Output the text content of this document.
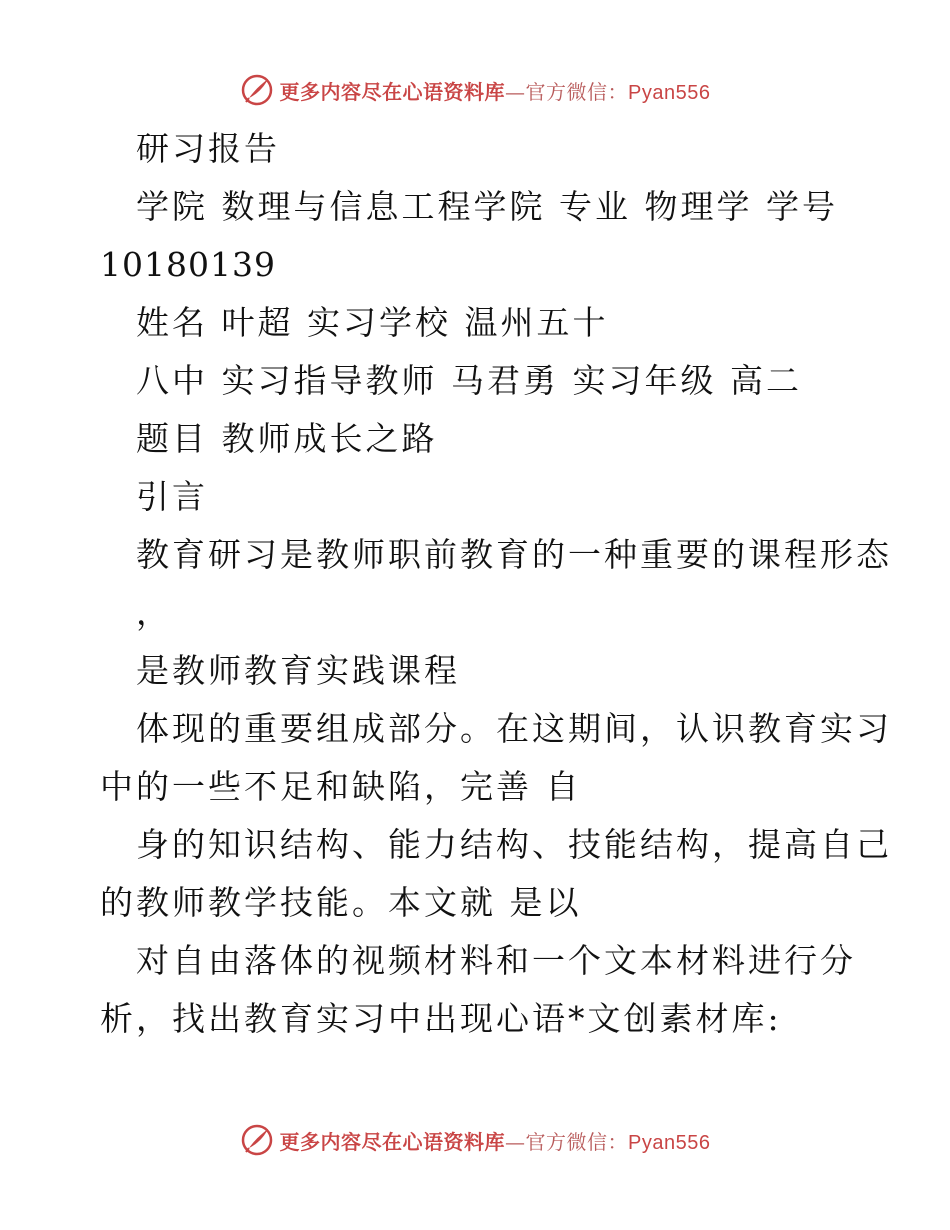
更多内容尽在心语资料库—官方微信：Pyan556
研习报告
学院 数理与信息工程学院 专业 物理学 学号
10180139
姓名 叶超 实习学校 温州五十
八中 实习指导教师 马君勇 实习年级 高二
题目 教师成长之路
引言
教育研习是教师职前教育的一种重要的课程形态
，
是教师教育实践课程
体现的重要组成部分。在这期间，认识教育实习
中的一些不足和缺陷，完善 自
身的知识结构、能力结构、技能结构，提高自己
的教师教学技能。本文就 是以
对自由落体的视频材料和一个文本材料进行分
析，找出教育实习中出现心语*文创素材库:
更多内容尽在心语资料库—官方微信：Pyan556
